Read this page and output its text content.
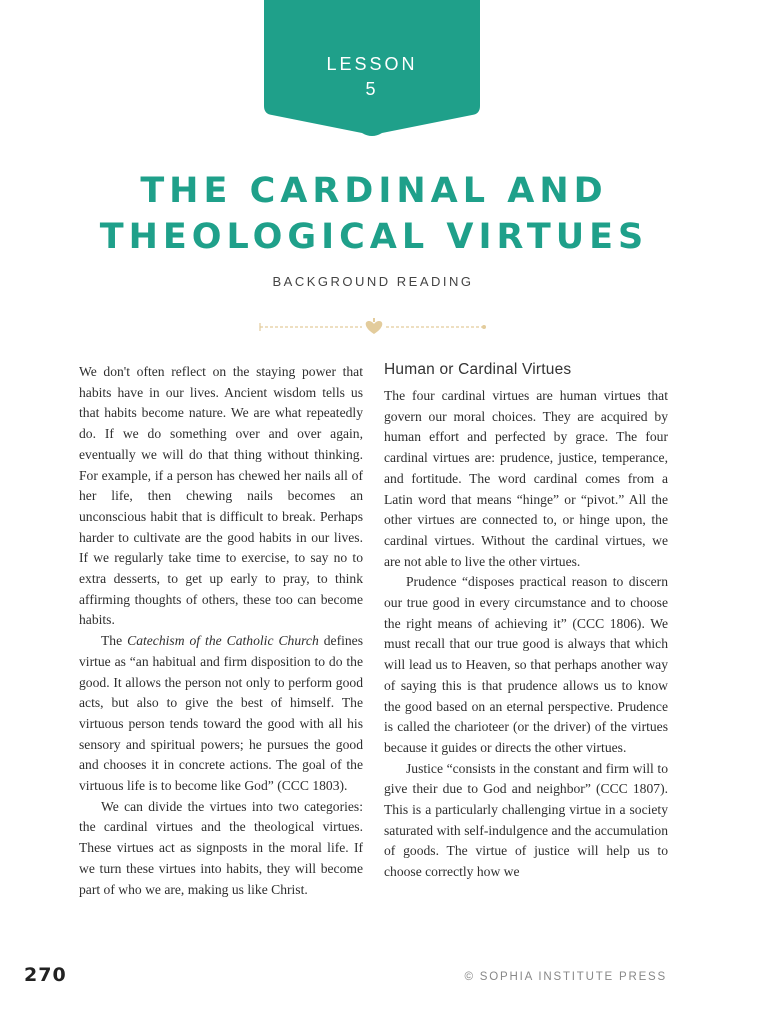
LESSON
5
THE CARDINAL AND
THEOLOGICAL VIRTUES
BACKGROUND READING

We don't often reflect on the staying power that habits have in our lives. Ancient wisdom tells us that habits become nature. We are what repeatedly do. If we do something over and over again, eventually we will do that thing without thinking. For example, if a person has chewed her nails all of her life, then chewing nails becomes an unconscious habit that is difficult to break. Perhaps harder to cultivate are the good habits in our lives. If we regularly take time to exercise, to say no to extra desserts, to get up early to pray, to think affirming thoughts of others, these too can become habits.

The Catechism of the Catholic Church defines virtue as “an habitual and firm disposition to do the good. It allows the person not only to perform good acts, but also to give the best of himself. The virtuous person tends toward the good with all his sensory and spiritual powers; he pursues the good and chooses it in concrete actions. The goal of the virtuous life is to become like God” (CCC 1803).

We can divide the virtues into two categories: the cardinal virtues and the theological virtues. These virtues act as signposts in the moral life. If we turn these virtues into habits, they will become part of who we are, making us like Christ.

Human or Cardinal Virtues

The four cardinal virtues are human virtues that govern our moral choices. They are acquired by human effort and perfected by grace. The four cardinal virtues are: prudence, justice, temperance, and fortitude. The word cardinal comes from a Latin word that means “hinge” or “pivot.” All the other virtues are connected to, or hinge upon, the cardinal virtues. Without the cardinal virtues, we are not able to live the other virtues.

Prudence “disposes practical reason to discern our true good in every circumstance and to choose the right means of achieving it” (CCC 1806). We must recall that our true good is always that which will lead us to Heaven, so that perhaps another way of saying this is that prudence allows us to know the good based on an eternal perspective. Prudence is called the charioteer (or the driver) of the virtues because it guides or directs the other virtues.

Justice “consists in the constant and firm will to give their due to God and neighbor” (CCC 1807). This is a particularly challenging virtue in a society saturated with self-indulgence and the accumulation of goods. The virtue of justice will help us to choose correctly how we

270	© SOPHIA INSTITUTE PRESS
